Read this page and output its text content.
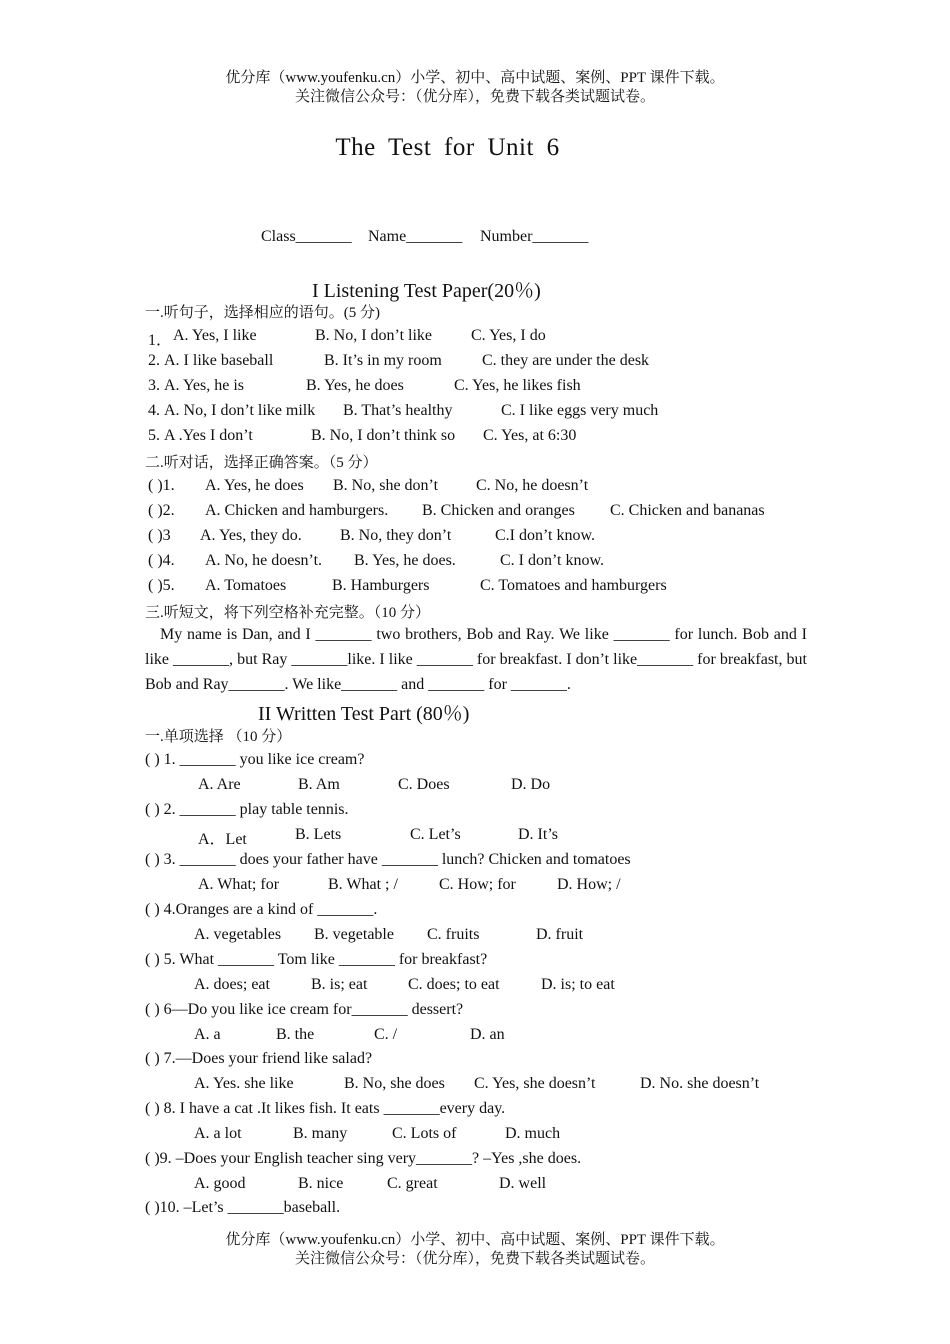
优分库（www.youfenku.cn）小学、初中、高中试题、案例、PPT 课件下载。
关注微信公众号：（优分库），免费下载各类试题试卷。
The Test for Unit 6
Class_______ Name_______ Number_______
I Listening Test Paper(20％)
一.听句子，选择相应的语句。(5 分)
1． A. Yes, I like	B. No, I don’t like C. Yes, I do
2. A. I like baseball	B. It’s in my room	C. they are under the desk
3. A. Yes, he is	B. Yes, he does	C. Yes, he likes fish
4. A. No, I don’t like milk B. That’s healthy	C. I like eggs very much
5. A .Yes I don’t	B. No, I don’t think so C. Yes, at 6:30
二.听对话，选择正确答案。（5 分）
( )1. A. Yes, he does B. No, she don’t C. No, he doesn’t
( )2. A. Chicken and hamburgers. B. Chicken and oranges C. Chicken and bananas
( )3 A. Yes, they do. B. No, they don’t	C.I don’t know.
( )4. A. No, he doesn’t. B. Yes, he does.	C. I don’t know.
( )5. A. Tomatoes	B. Hamburgers	C. Tomatoes and hamburgers
三.听短文，将下列空格补充完整。（10 分）
My name is Dan, and I _______ two brothers, Bob and Ray. We like _______ for lunch. Bob and I like _______, but Ray _______like. I like _______ for breakfast. I don’t like_______ for breakfast, but Bob and Ray_______. We like_______ and _______ for _______.
II Written Test Part (80％)
一.单项选择 （10 分）
( ) 1. _______ you like ice cream?
A. Are	B. Am	C. Does	D. Do
( ) 2. _______ play table tennis.
A．Let	B. Lets	C. Let’s	D. It’s
( ) 3. _______ does your father have _______ lunch? Chicken and tomatoes
A. What; for	B. What ; /	C. How; for	D. How; /
( ) 4.Oranges are a kind of _______.
A. vegetables B. vegetable C. fruits	D. fruit
( ) 5. What _______ Tom like _______ for breakfast?
A. does; eat	B. is; eat	C. does; to eat	D. is; to eat
( ) 6—Do you like ice cream for_______ dessert?
A. a	B. the	C. /	D. an
( ) 7.—Does your friend like salad?
A. Yes. she like	B. No, she does C. Yes, she doesn’t	D. No. she doesn’t
( ) 8. I have a cat .It likes fish. It eats _______every day.
A. a lot	B. many	C. Lots of	D. much
( )9. –Does your English teacher sing very_______? –Yes ,she does.
A. good	B. nice	C. great	D. well
( )10. –Let’s _______baseball.
优分库（www.youfenku.cn）小学、初中、高中试题、案例、PPT 课件下载。
关注微信公众号：（优分库），免费下载各类试题试卷。
